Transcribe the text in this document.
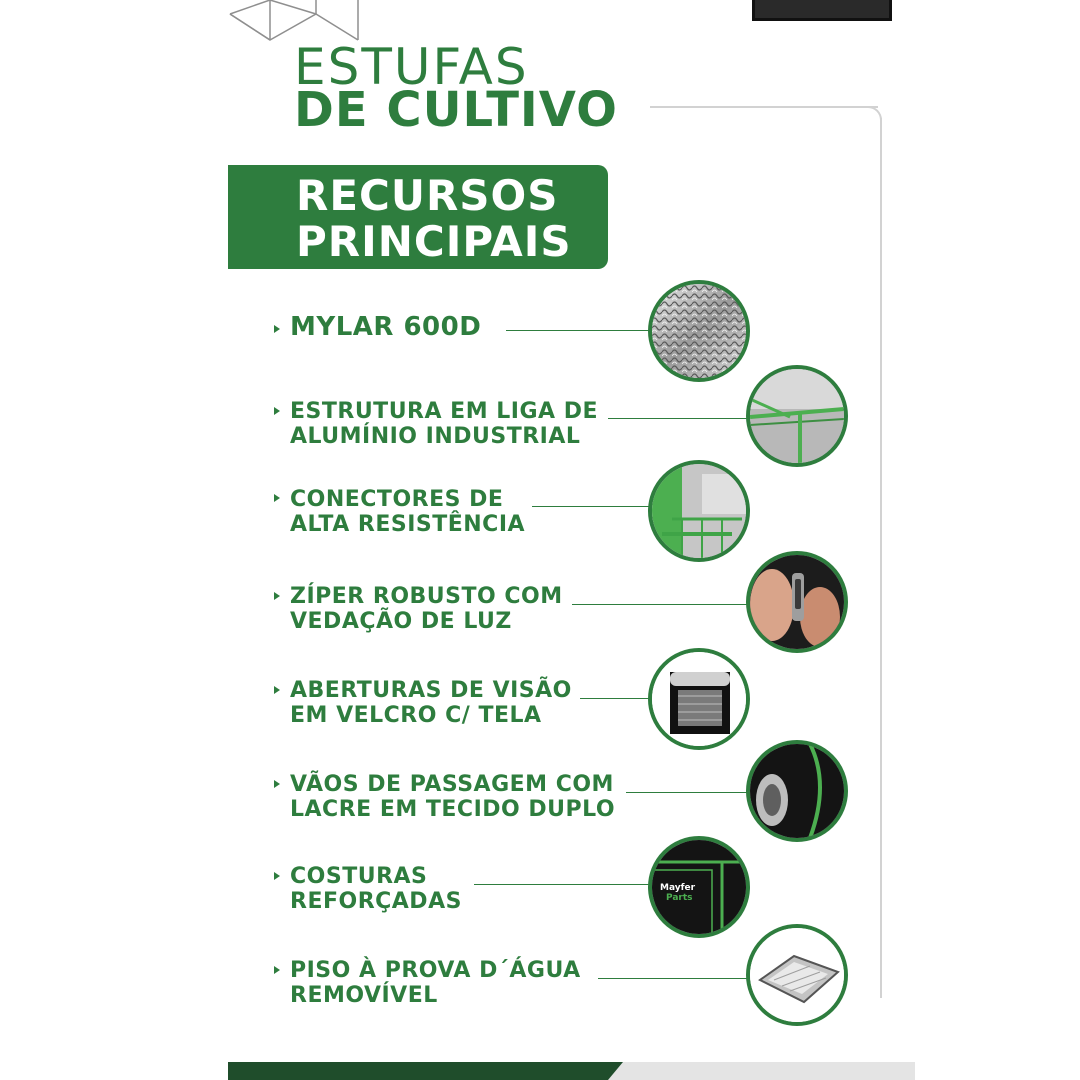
ESTUFAS
DE CULTIVO
RECURSOS
PRINCIPAIS
MYLAR 600D
ESTRUTURA EM LIGA DE
ALUMÍNIO INDUSTRIAL
CONECTORES DE
ALTA RESISTÊNCIA
ZÍPER ROBUSTO COM
VEDAÇÃO DE LUZ
ABERTURAS DE VISÃO
EM VELCRO C/ TELA
VÃOS DE PASSAGEM COM
LACRE EM TECIDO DUPLO
COSTURAS
REFORÇADAS
Mayfer
Parts
PISO À PROVA D´ÁGUA
REMOVÍVEL
